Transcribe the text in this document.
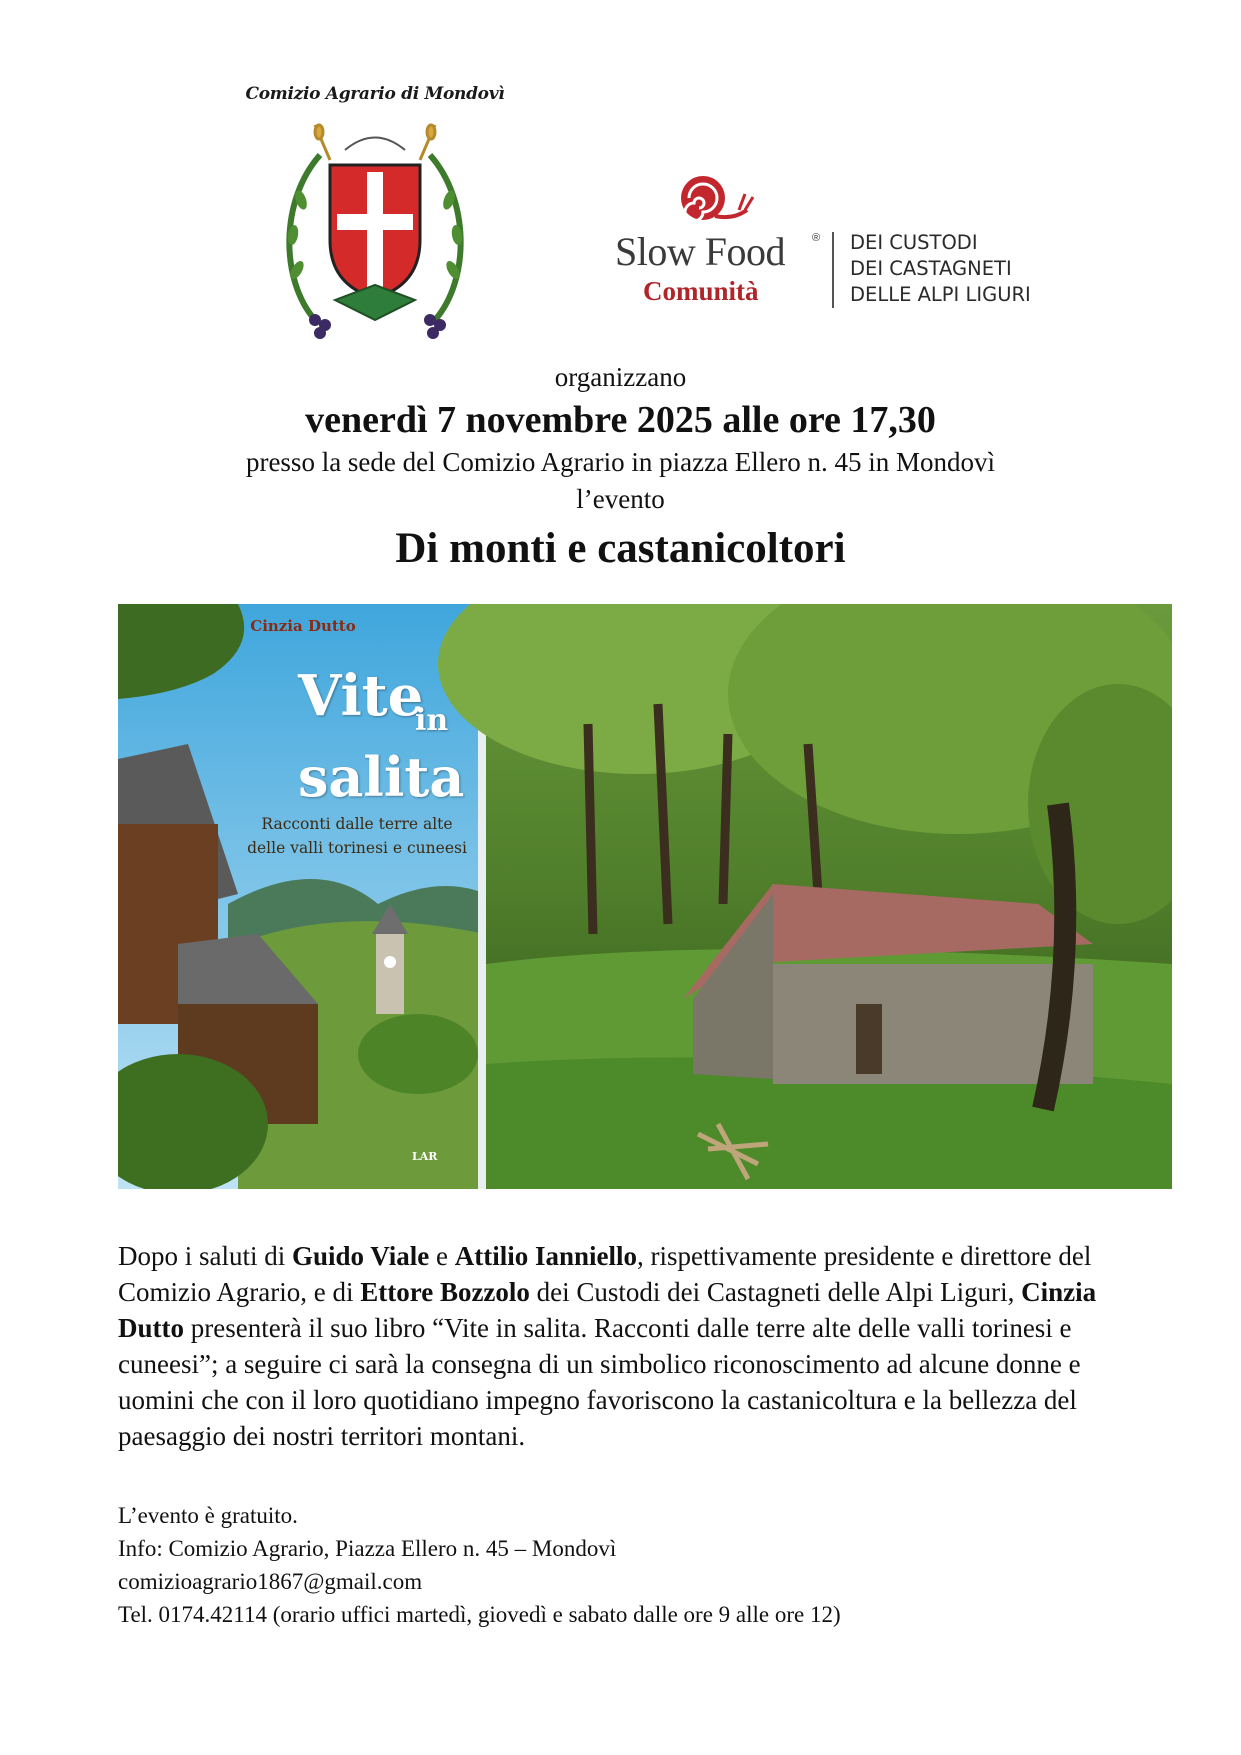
Comizio Agrario di Mondovì
Slow Food ®
Comunità
DEI CUSTODI
DEI CASTAGNETI
DELLE ALPI LIGURI
organizzano
venerdì 7 novembre 2025 alle ore 17,30
presso la sede del Comizio Agrario in piazza Ellero n. 45 in Mondovì
l’evento
Di monti e castanicoltori
Cinzia Dutto
Vite
in
salita
Racconti dalle terre alte
delle valli torinesi e cuneesi
LAR

Dopo i saluti di Guido Viale e Attilio Ianniello, rispettivamente presidente e direttore del Comizio Agrario, e di Ettore Bozzolo dei Custodi dei Castagneti delle Alpi Liguri, Cinzia Dutto presenterà il suo libro “Vite in salita. Racconti dalle terre alte delle valli torinesi e cuneesi”; a seguire ci sarà la consegna di un simbolico riconoscimento ad alcune donne e uomini che con il loro quotidiano impegno favoriscono la castanicoltura e la bellezza del paesaggio dei nostri territori montani.

L’evento è gratuito.
Info: Comizio Agrario, Piazza Ellero n. 45 – Mondovì
comizioagrario1867@gmail.com
Tel. 0174.42114 (orario uffici martedì, giovedì e sabato dalle ore 9 alle ore 12)
